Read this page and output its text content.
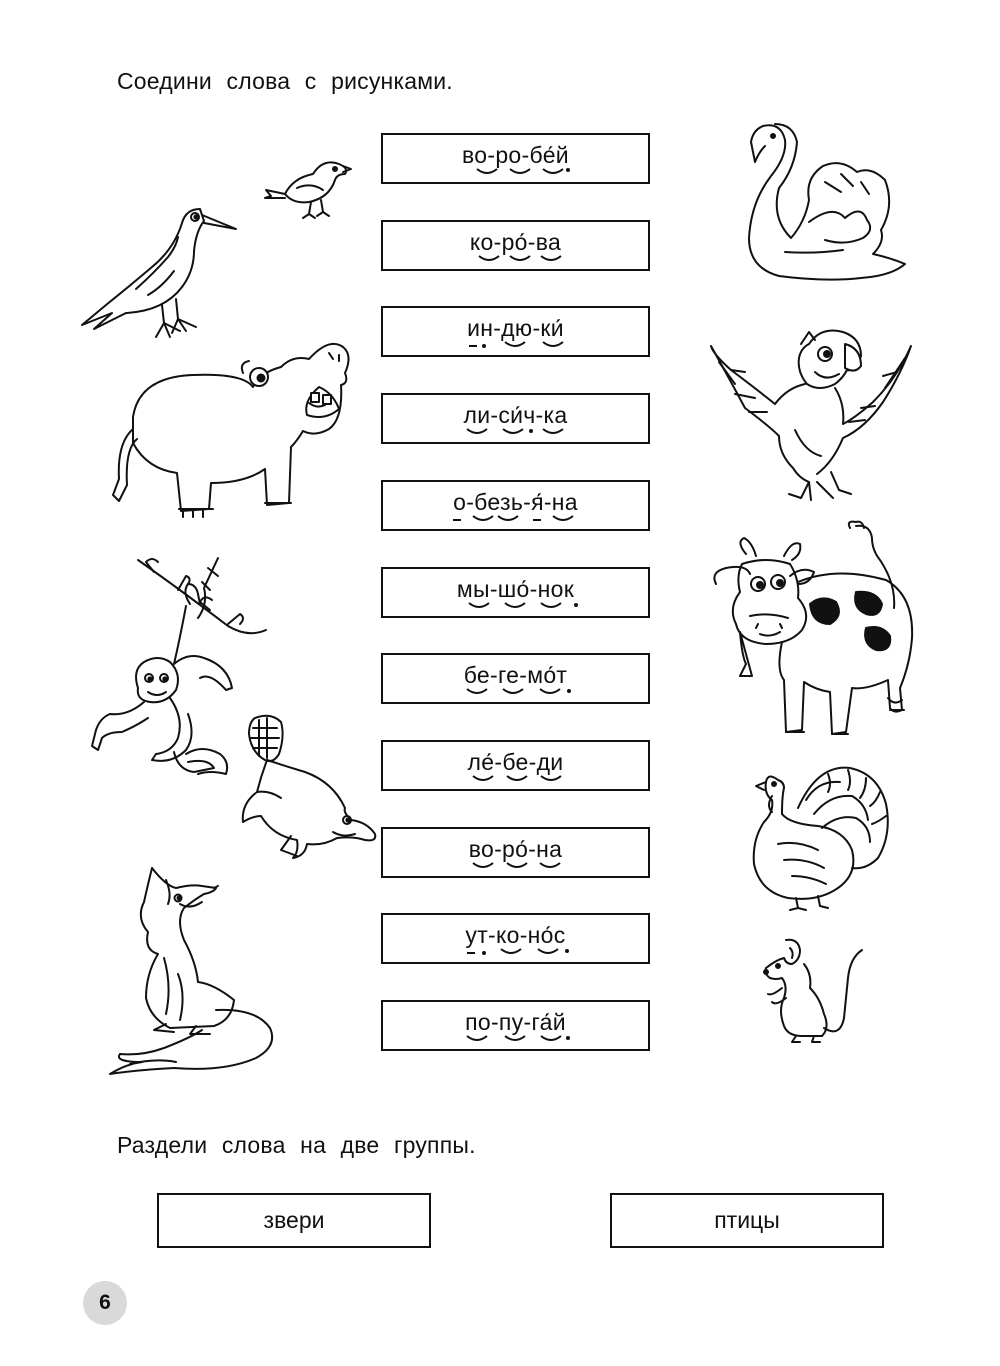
Соедини слова с рисунками.
во-ро-бе́й
ко-ро́-ва
ин-дю-ки́
ли-си́ч-ка
о-безь-я́-на
мы-шо́-нок
бе-ге-мо́т
ле́-бе-ди
во-ро́-на
ут-ко-но́с
по-пу-га́й
Раздели слова на две группы.
звери	птицы
6
